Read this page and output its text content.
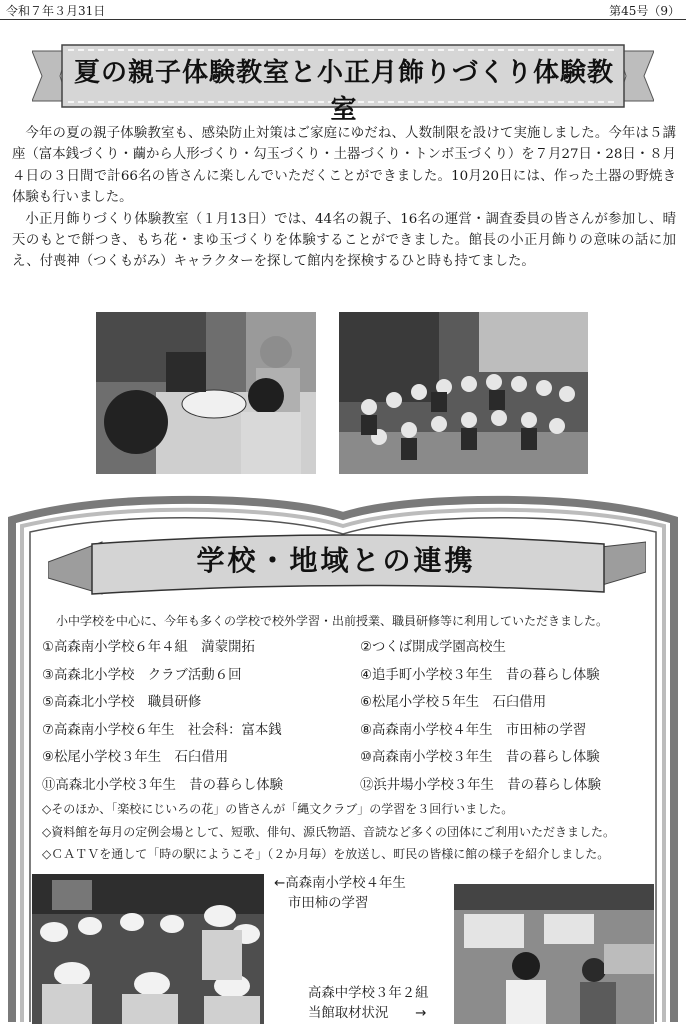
令和７年３月31日	第45号（9）
夏の親子体験教室と小正月飾りづくり体験教室

今年の夏の親子体験教室も、感染防止対策はご家庭にゆだね、人数制限を設けて実施しました。今年は５講座（富本銭づくり・繭から人形づくり・勾玉づくり・土器づくり・トンボ玉づくり）を７月27日・28日・８月４日の３日間で計66名の皆さんに楽しんでいただくことができました。10月20日には、作った土器の野焼き体験も行いました。

小正月飾りづくり体験教室（１月13日）では、44名の親子、16名の運営・調査委員の皆さんが参加し、晴天のもとで餅つき、もち花・まゆ玉づくりを体験することができました。館長の小正月飾りの意味の話に加え、付喪神（つくもがみ）キャラクターを探して館内を探検するひと時も持てました。

学校・地域との連携
小中学校を中心に、今年も多くの学校で校外学習・出前授業、職員研修等に利用していただきました。
①高森南小学校６年４組　満蒙開拓
③高森北小学校　クラブ活動６回
⑤高森北小学校　職員研修
⑦高森南小学校６年生　社会科：富本銭
⑨松尾小学校３年生　石臼借用
⑪高森北小学校３年生　昔の暮らし体験
②つくば開成学園高校生
④追手町小学校３年生　昔の暮らし体験
⑥松尾小学校５年生　石臼借用
⑧高森南小学校４年生　市田柿の学習
⑩高森南小学校３年生　昔の暮らし体験
⑫浜井場小学校３年生　昔の暮らし体験
◇そのほか、「楽校にじいろの花」の皆さんが「縄文クラブ」の学習を３回行いました。
◇資料館を毎月の定例会場として、短歌、俳句、源氏物語、音読など多くの団体にご利用いただきました。
◇ＣＡＴＶを通して「時の駅にようこそ」（２か月毎）を放送し、町民の皆様に館の様子を紹介しました。
←高森南小学校４年生
市田柿の学習
高森中学校３年２組
当館取材状況　　→
